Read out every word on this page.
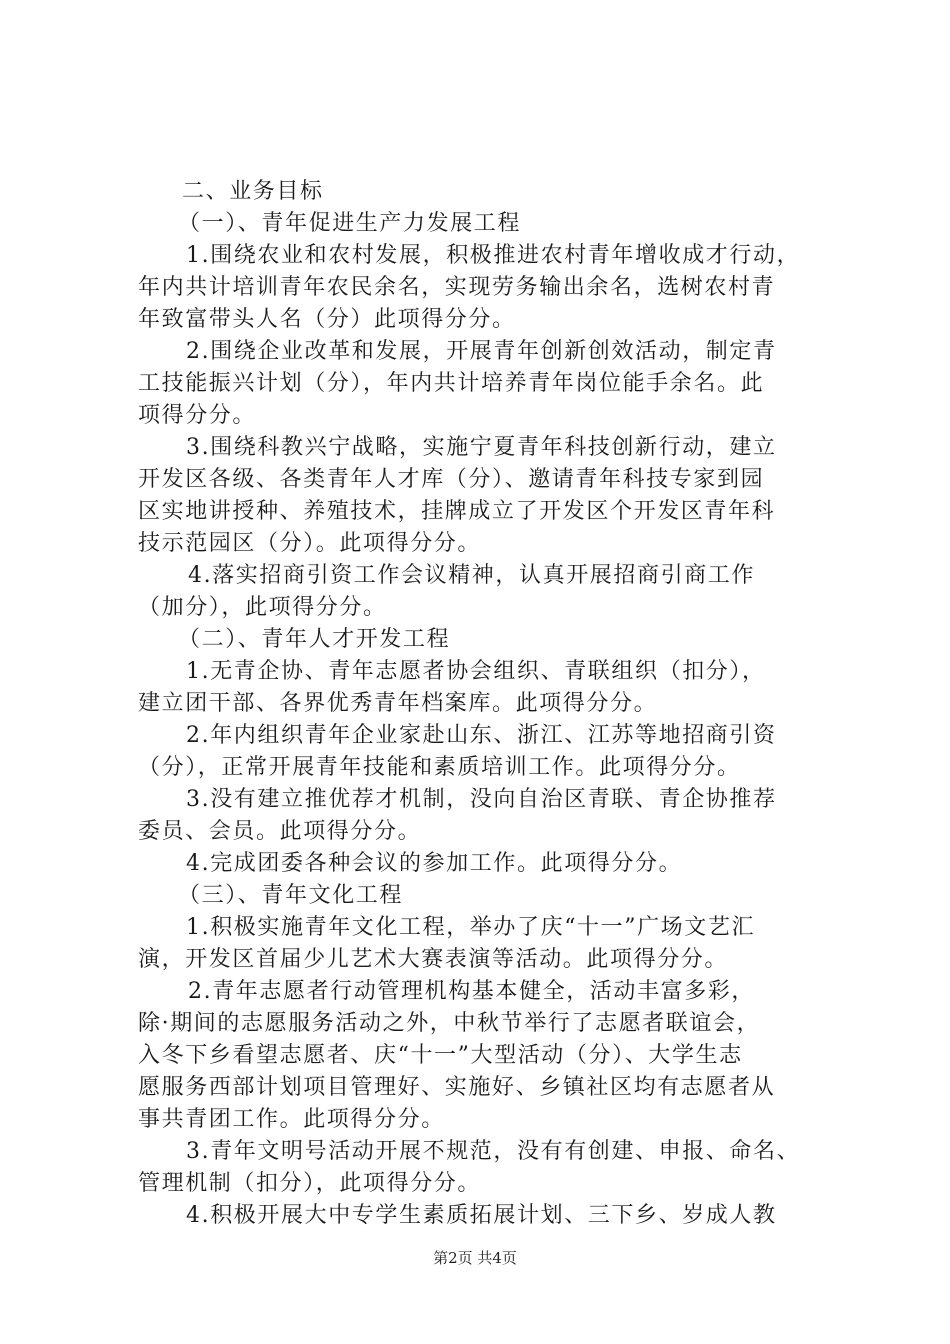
二、业务目标
（一）、青年促进生产力发展工程
1.围绕农业和农村发展，积极推进农村青年增收成才行动，
年内共计培训青年农民余名，实现劳务输出余名，选树农村青
年致富带头人名（分）此项得分分。
2.围绕企业改革和发展，开展青年创新创效活动，制定青
工技能振兴计划（分），年内共计培养青年岗位能手余名。此
项得分分。
3.围绕科教兴宁战略，实施宁夏青年科技创新行动，建立
开发区各级、各类青年人才库（分）、邀请青年科技专家到园
区实地讲授种、养殖技术，挂牌成立了开发区个开发区青年科
技示范园区（分）。此项得分分。
4.落实招商引资工作会议精神，认真开展招商引商工作
（加分），此项得分分。
（二）、青年人才开发工程
1.无青企协、青年志愿者协会组织、青联组织（扣分），
建立团干部、各界优秀青年档案库。此项得分分。
2.年内组织青年企业家赴山东、浙江、江苏等地招商引资
（分），正常开展青年技能和素质培训工作。此项得分分。
3.没有建立推优荐才机制，没向自治区青联、青企协推荐
委员、会员。此项得分分。
4.完成团委各种会议的参加工作。此项得分分。
（三）、青年文化工程
1.积极实施青年文化工程，举办了庆“十一”广场文艺汇
演，开发区首届少儿艺术大赛表演等活动。此项得分分。
2.青年志愿者行动管理机构基本健全，活动丰富多彩，
除·期间的志愿服务活动之外，中秋节举行了志愿者联谊会，
入冬下乡看望志愿者、庆“十一”大型活动（分）、大学生志
愿服务西部计划项目管理好、实施好、乡镇社区均有志愿者从
事共青团工作。此项得分分。
3.青年文明号活动开展不规范，没有有创建、申报、命名、
管理机制（扣分），此项得分分。
4.积极开展大中专学生素质拓展计划、三下乡、岁成人教
第2页 共4页
